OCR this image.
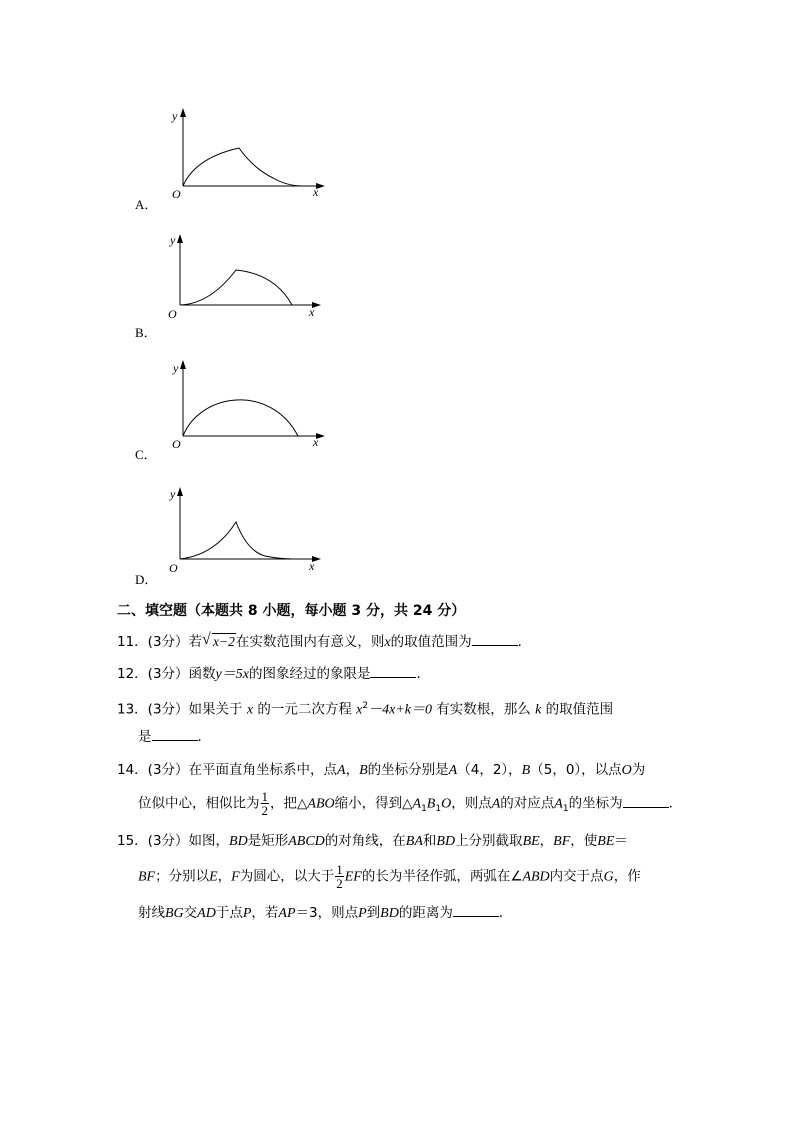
y
x
O
A．
y
x
O
B．
y
x
O
C．
y
x
O
D．
二、填空题（本题共 8 小题，每小题 3 分，共 24 分）
11．(3分）若 √ x−2在实数范围内有意义，则x的取值范围为	．
12．(3分）函数y＝5x的图象经过的象限是	．
13．(3分）如果关于 x 的一元二次方程 $x^2-4x+k=0$ 有实数根，那么 k 的取值范围
是	．
14．(3分）在平面直角坐标系中，点A，B的坐标分别是A（4，2），B（5，0），以点O为
位似中心，相似比为 $\frac{1}{2}$ ，把△ABO缩小，得到$\triangle A_1B_1O$，则点A的对应点$A_1$的坐标为	．
15．(3分）如图，BD是矩形ABCD的对角线，在BA和BD上分别截取BE，BF，使BE＝
BF；分别以E，F为圆心，以大于 $\frac{1}{2}$ EF的长为半径作弧，两弧在∠ABD内交于点G，作
射线BG交AD于点P，若AP＝3，则点P到BD的距离为	．
